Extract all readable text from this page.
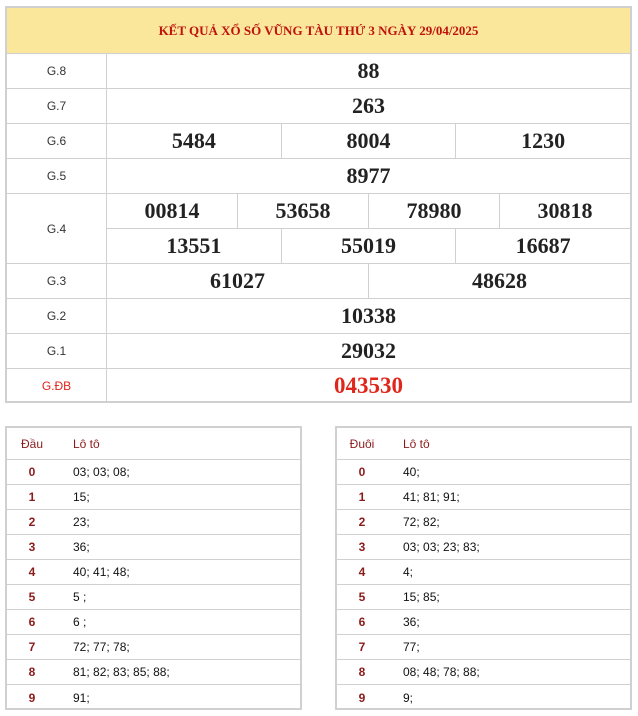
KẾT QUẢ XỔ SỐ VŨNG TÀU THỨ 3 NGÀY 29/04/2025
G.8	88
G.7	263
G.6	5484	8004	1230
G.5	8977
G.4
00814	53658	78980	30818
13551	55019	16687
G.3	61027	48628
G.2	10338
G.1	29032
G.ĐB	043530
Đầu	Lô tô
0	03; 03; 08;
1	15;
2	23;
3	36;
4	40; 41; 48;
5	5 ;
6	6 ;
7	72; 77; 78;
8	81; 82; 83; 85; 88;
9	91;
Đuôi	Lô tô
0	40;
1	41; 81; 91;
2	72; 82;
3	03; 03; 23; 83;
4	4;
5	15; 85;
6	36;
7	77;
8	08; 48; 78; 88;
9	9;
